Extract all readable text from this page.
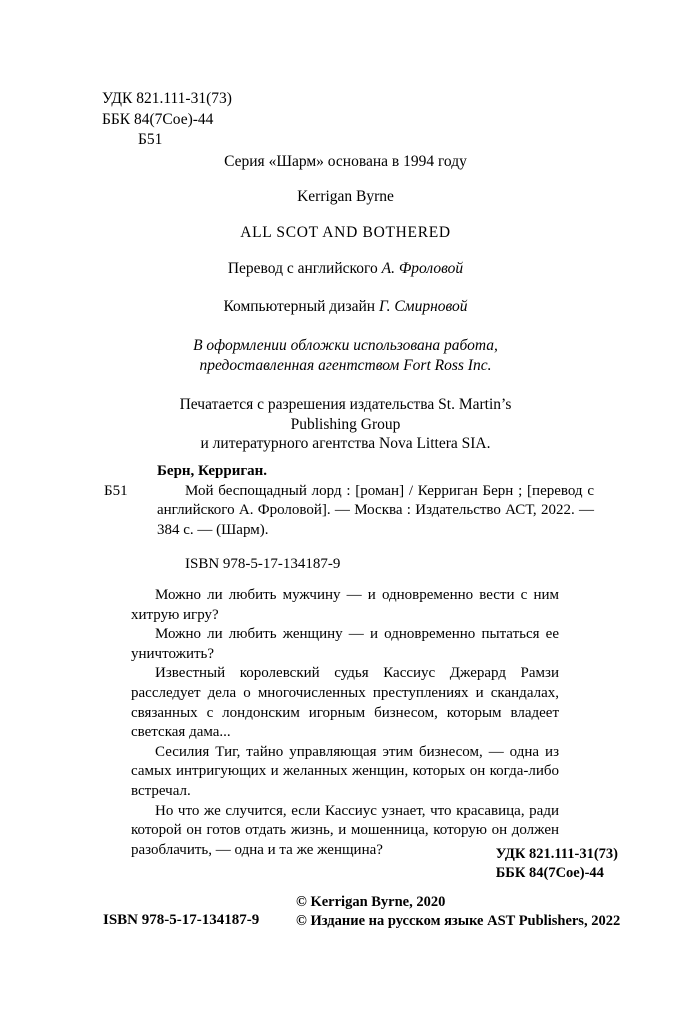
УДК 821.111-31(73)
ББК 84(7Сое)-44
Б51
Серия «Шарм» основана в 1994 году
Kerrigan Byrne
ALL SCOT AND BOTHERED
Перевод с английского А. Фроловой
Компьютерный дизайн Г. Смирновой
В оформлении обложки использована работа,
предоставленная агентством Fort Ross Inc.
Печатается с разрешения издательства St. Martin’s
Publishing Group
и литературного агентства Nova Littera SIA.
Б51
Берн, Керриган.
Мой беспощадный лорд : [роман] / Керриган Берн ; [перевод с английского А. Фроловой]. — Москва : Издательство АСТ, 2022. — 384 с. — (Шарм).
ISBN 978-5-17-134187-9

Можно ли любить мужчину — и одновременно вести с ним хитрую игру?

Можно ли любить женщину — и одновременно пытаться ее уничтожить?

Известный королевский судья Кассиус Джерард Рамзи расследует дела о многочисленных преступлениях и скандалах, связанных с лондонским игорным бизнесом, которым владеет светская дама...

Сесилия Тиг, тайно управляющая этим бизнесом, — одна из самых интригующих и желанных женщин, которых он когда-либо встречал.

Но что же случится, если Кассиус узнает, что красавица, ради которой он готов отдать жизнь, и мошенница, которую он должен разоблачить, — одна и та же женщина?	УДК 821.111-31(73)
ББК 84(7Сое)-44
ISBN 978-5-17-134187-9
© Kerrigan Byrne, 2020
© Издание на русском языке AST Publishers, 2022
